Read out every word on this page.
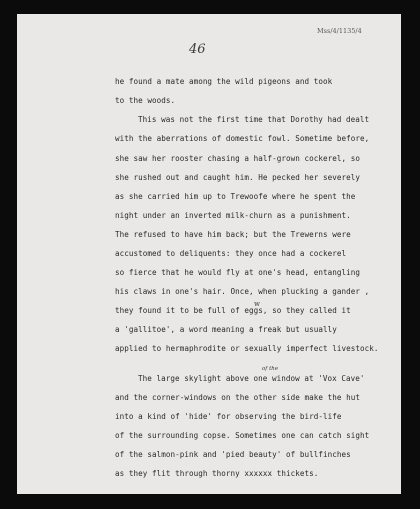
46
Mss/4/1135/4
he found a mate among the wild pigeons and took
to the woods.
This was not the first time that Dorothy had dealt
with the aberrations of domestic fowl. Sometime before,
she saw her rooster chasing a half-grown cockerel, so
she rushed out and caught him. He pecked her severely
as she carried him up to Trewoofe where he spent the
night under an inverted milk-churn as a punishment.
The refused to have him back; but the Trewerns were
accustomed to deliquents: they once had a cockerel
so fierce that he would fly at one's head, entangling
his claws in one's hair. Once, when plucking a gander ,
they found it to be full of eggs, so they called it
a 'gallitoe', a word meaning a freak but usually
applied to hermaphrodite or sexually imperfect livestock.
The large skylight above one window at 'Vox Cave'
and the corner-windows on the other side make the hut
into a kind of 'hide' for observing the bird-life
of the surrounding copse. Sometimes one can catch sight
of the salmon-pink and 'pied beauty' of bullfinches
as they flit through thorny xxxxxx thickets.
of the
w
